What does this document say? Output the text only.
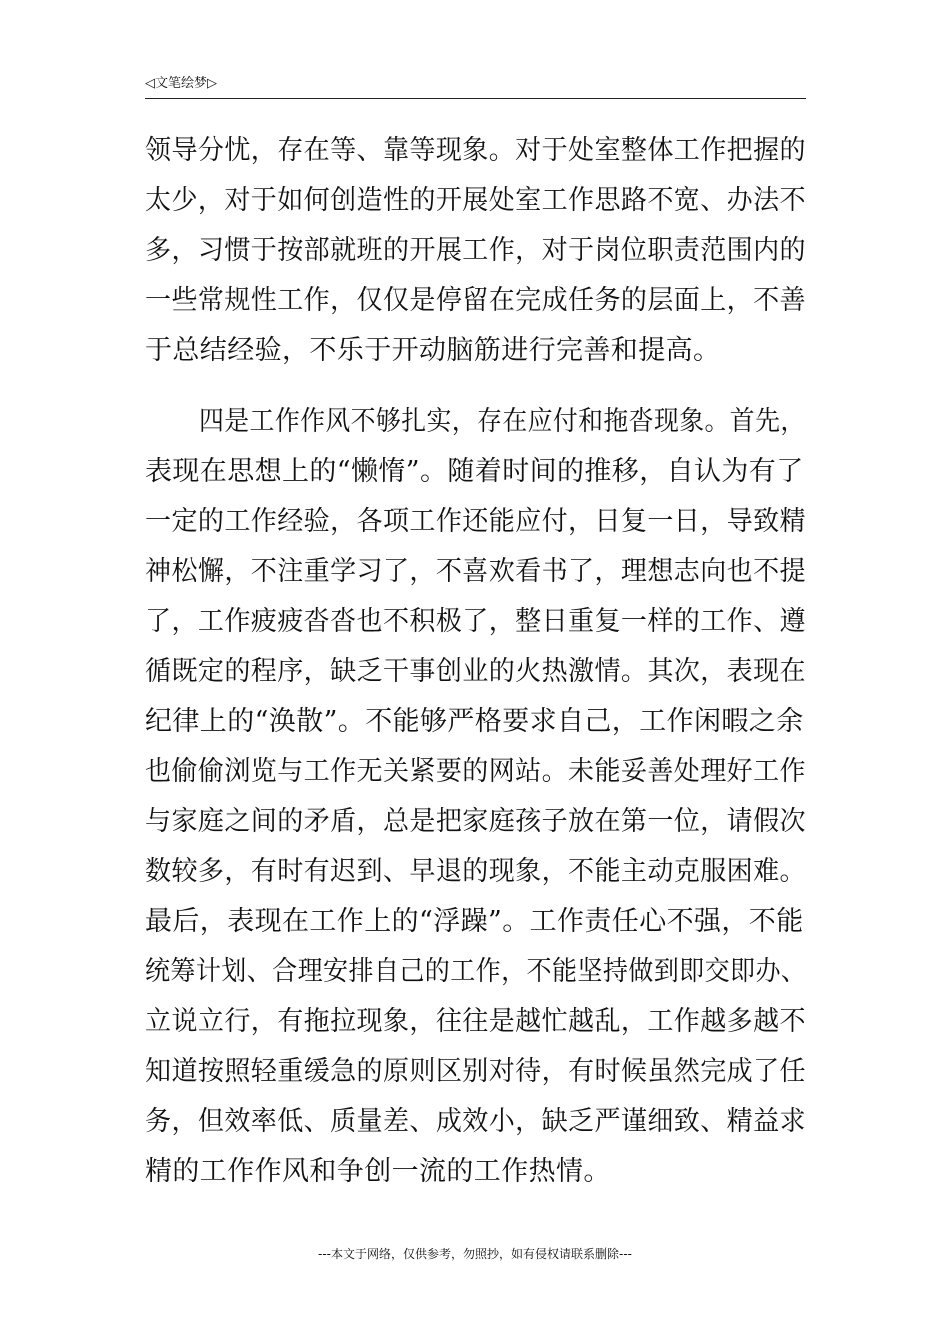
◁文笔绘梦▷
领导分忧，存在等、靠等现象。对于处室整体工作把握的
太少，对于如何创造性的开展处室工作思路不宽、办法不
多，习惯于按部就班的开展工作，对于岗位职责范围内的
一些常规性工作，仅仅是停留在完成任务的层面上，不善
于总结经验，不乐于开动脑筋进行完善和提高。
四是工作作风不够扎实，存在应付和拖沓现象。首先，
表现在思想上的“懒惰”。随着时间的推移，自认为有了
一定的工作经验，各项工作还能应付，日复一日，导致精
神松懈，不注重学习了，不喜欢看书了，理想志向也不提
了，工作疲疲沓沓也不积极了，整日重复一样的工作、遵
循既定的程序，缺乏干事创业的火热激情。其次，表现在
纪律上的“涣散”。不能够严格要求自己，工作闲暇之余
也偷偷浏览与工作无关紧要的网站。未能妥善处理好工作
与家庭之间的矛盾，总是把家庭孩子放在第一位，请假次
数较多，有时有迟到、早退的现象，不能主动克服困难。
最后，表现在工作上的“浮躁”。工作责任心不强，不能
统筹计划、合理安排自己的工作，不能坚持做到即交即办、
立说立行，有拖拉现象，往往是越忙越乱，工作越多越不
知道按照轻重缓急的原则区别对待，有时候虽然完成了任
务，但效率低、质量差、成效小，缺乏严谨细致、精益求
精的工作作风和争创一流的工作热情。
---本文于网络，仅供参考，勿照抄，如有侵权请联系删除---
